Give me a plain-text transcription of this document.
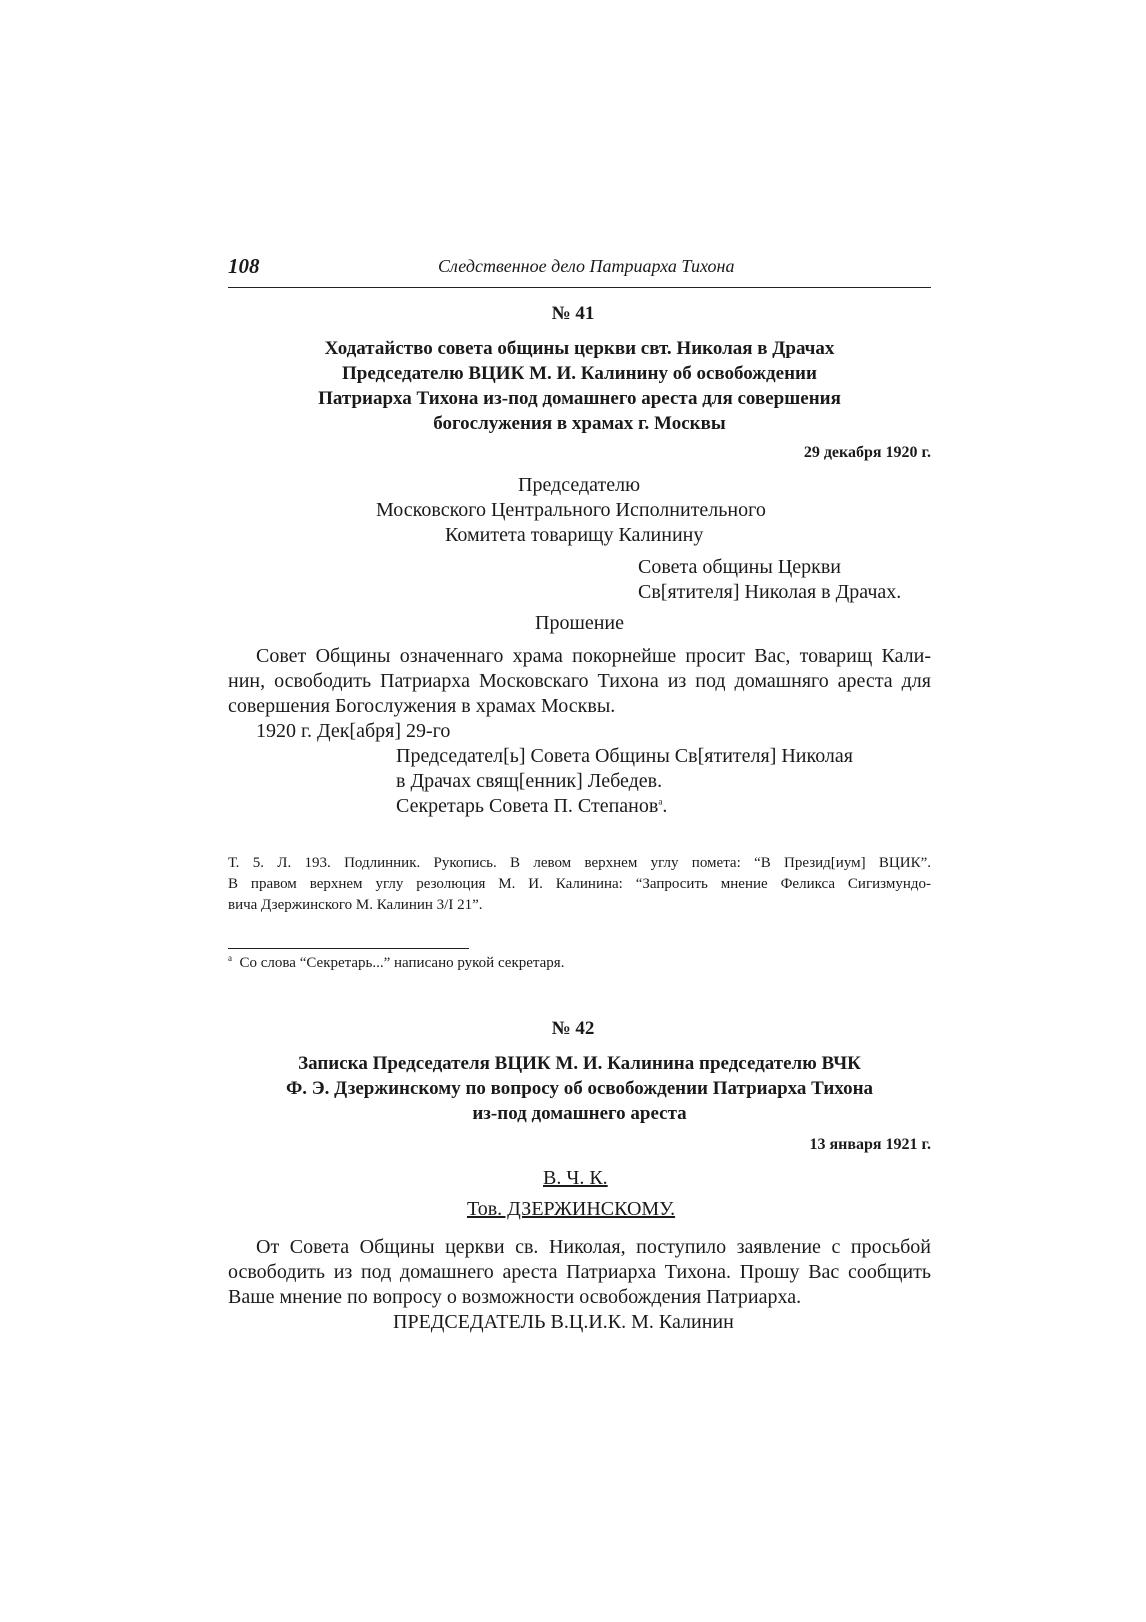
108	Следственное дело Патриарха Тихона
№ 41
Ходатайство совета общины церкви свт. Николая в Драчах
Председателю ВЦИК М. И. Калинину об освобождении
Патриарха Тихона из-под домашнего ареста для совершения
богослужения в храмах г. Москвы
29 декабря 1920 г.
Председателю
Московского Центрального Исполнительного
Комитета товарищу Калинину
Совета общины Церкви
Св[ятителя] Николая в Драчах.
Прошение
Совет Общины означеннаго храма покорнейше просит Вас, товарищ Кали-
нин, освободить Патриарха Московскаго Тихона из под домашняго ареста для
совершения Богослужения в храмах Москвы.
1920 г. Дек[абря] 29-го
Председател[ь] Совета Общины Св[ятителя] Николая
в Драчах свящ[енник] Лебедев.
Секретарь Совета П. Степанов$^а$.
Т. 5. Л. 193. Подлинник. Рукопись. В левом верхнем углу помета: “В Презид[иум] ВЦИК”.
В правом верхнем углу резолюция М. И. Калинина: “Запросить мнение Феликса Сигизмундо-
вича Дзержинского М. Калинин 3/I 21”.
$^а$ Со слова “Секретарь...” написано рукой секретаря.
№ 42
Записка Председателя ВЦИК М. И. Калинина председателю ВЧК
Ф. Э. Дзержинскому по вопросу об освобождении Патриарха Тихона
из-под домашнего ареста
13 января 1921 г.
В. Ч. К.
Тов. ДЗЕРЖИНСКОМУ.
От Совета Общины церкви св. Николая, поступило заявление с просьбой
освободить из под домашнего ареста Патриарха Тихона. Прошу Вас сообщить
Ваше мнение по вопросу о возможности освобождения Патриарха.
ПРЕДСЕДАТЕЛЬ В.Ц.И.К. М. Калинин
